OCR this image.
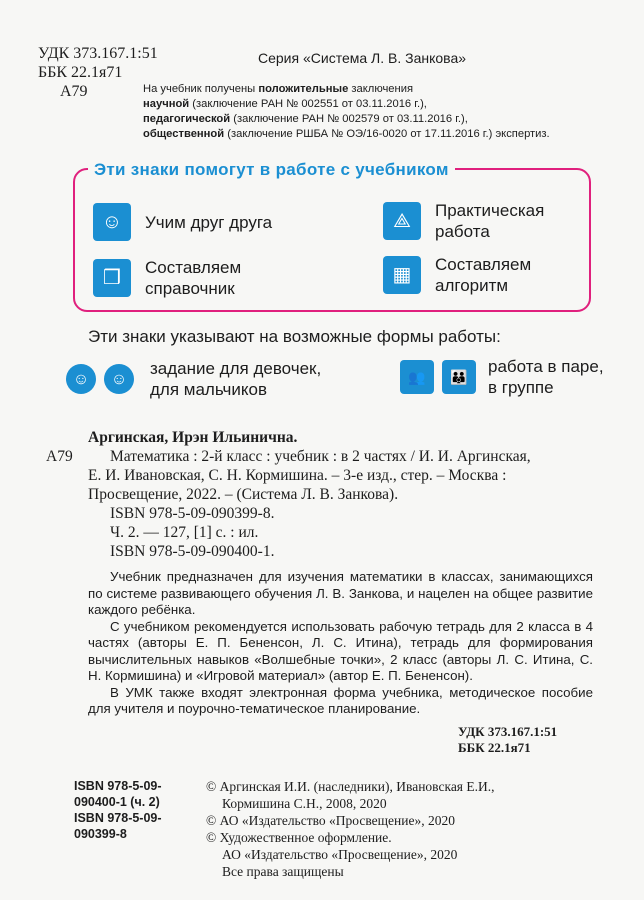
УДК 373.167.1:51
ББК 22.1я71
А79
Серия «Система Л. В. Занкова»
На учебник получены положительные заключения
научной (заключение РАН № 002551 от 03.11.2016 г.),
педагогической (заключение РАН № 002579 от 03.11.2016 г.),
общественной (заключение РШБА № ОЭ/16-0020 от 17.11.2016 г.) экспертиз.
Эти знаки помогут в работе с учебником
☺	Учим друг друга	⟁	Практическая
работа
❒	Составляем
справочник
▦	Составляем
алгоритм
Эти знаки указывают на возможные формы работы:
☺	☺
задание для девочек,
для мальчиков
👥	👪
работа в паре,
в группе
А79
Аргинская, Ирэн Ильинична.
Математика : 2-й класс : учебник : в 2 частях / И. И. Аргинская,
Е. И. Ивановская, С. Н. Кормишина. – 3-е изд., стер. – Москва :
Просвещение, 2022. – (Система Л. В. Занкова).
ISBN 978-5-09-090399-8.
Ч. 2. — 127, [1] с. : ил.
ISBN 978-5-09-090400-1.

Учебник предназначен для изучения математики в классах, занимающихся по системе развивающего обучения Л. В. Занкова, и нацелен на общее развитие каждого ребёнка.

С учебником рекомендуется использовать рабочую тетрадь для 2 класса в 4 частях (авторы Е. П. Бененсон, Л. С. Итина), тетрадь для формирования вычислительных навыков «Волшебные точки», 2 класс (авторы Л. С. Итина, С. Н. Кормишина) и «Игровой материал» (автор Е. П. Бененсон).

В УМК также входят электронная форма учебника, методическое пособие для учителя и поурочно-тематическое планирование.

УДК 373.167.1:51
ББК 22.1я71
ISBN 978-5-09-090400-1 (ч. 2)
ISBN 978-5-09-090399-8
© Аргинская И.И. (наследники), Ивановская Е.И.,
Кормишина С.Н., 2008, 2020
© АО «Издательство «Просвещение», 2020
© Художественное оформление.
АО «Издательство «Просвещение», 2020
Все права защищены
